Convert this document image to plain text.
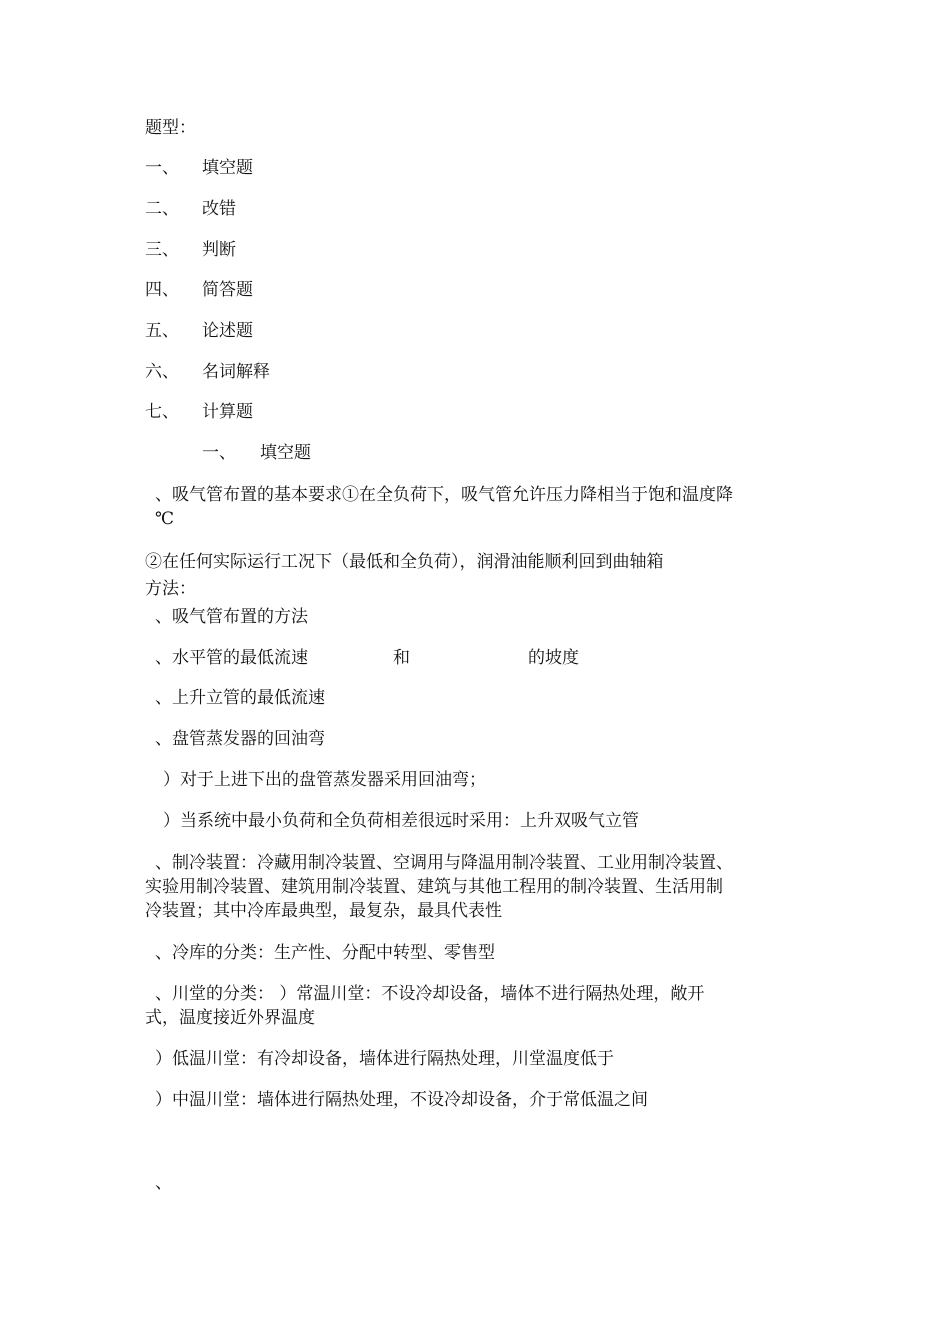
题型：
一、 填空题
二、 改错
三、 判断
四、 简答题
五、 论述题
六、 名词解释
七、 计算题
一、 填空题
、吸气管布置的基本要求①在全负荷下，吸气管允许压力降相当于饱和温度降
℃
②在任何实际运行工况下（最低和全负荷），润滑油能顺利回到曲轴箱
方法：
、吸气管布置的方法
、水平管的最低流速	和	的坡度
、上升立管的最低流速
、盘管蒸发器的回油弯
）对于上进下出的盘管蒸发器采用回油弯；
）当系统中最小负荷和全负荷相差很远时采用：上升双吸气立管
、制冷装置：冷藏用制冷装置、空调用与降温用制冷装置、工业用制冷装置、
实验用制冷装置、建筑用制冷装置、建筑与其他工程用的制冷装置、生活用制
冷装置；其中冷库最典型，最复杂，最具代表性
、冷库的分类：生产性、分配中转型、零售型
、川堂的分类： ）常温川堂：不设冷却设备，墙体不进行隔热处理，敞开
式，温度接近外界温度
）低温川堂：有冷却设备，墙体进行隔热处理，川堂温度低于
）中温川堂：墙体进行隔热处理，不设冷却设备，介于常低温之间
、
